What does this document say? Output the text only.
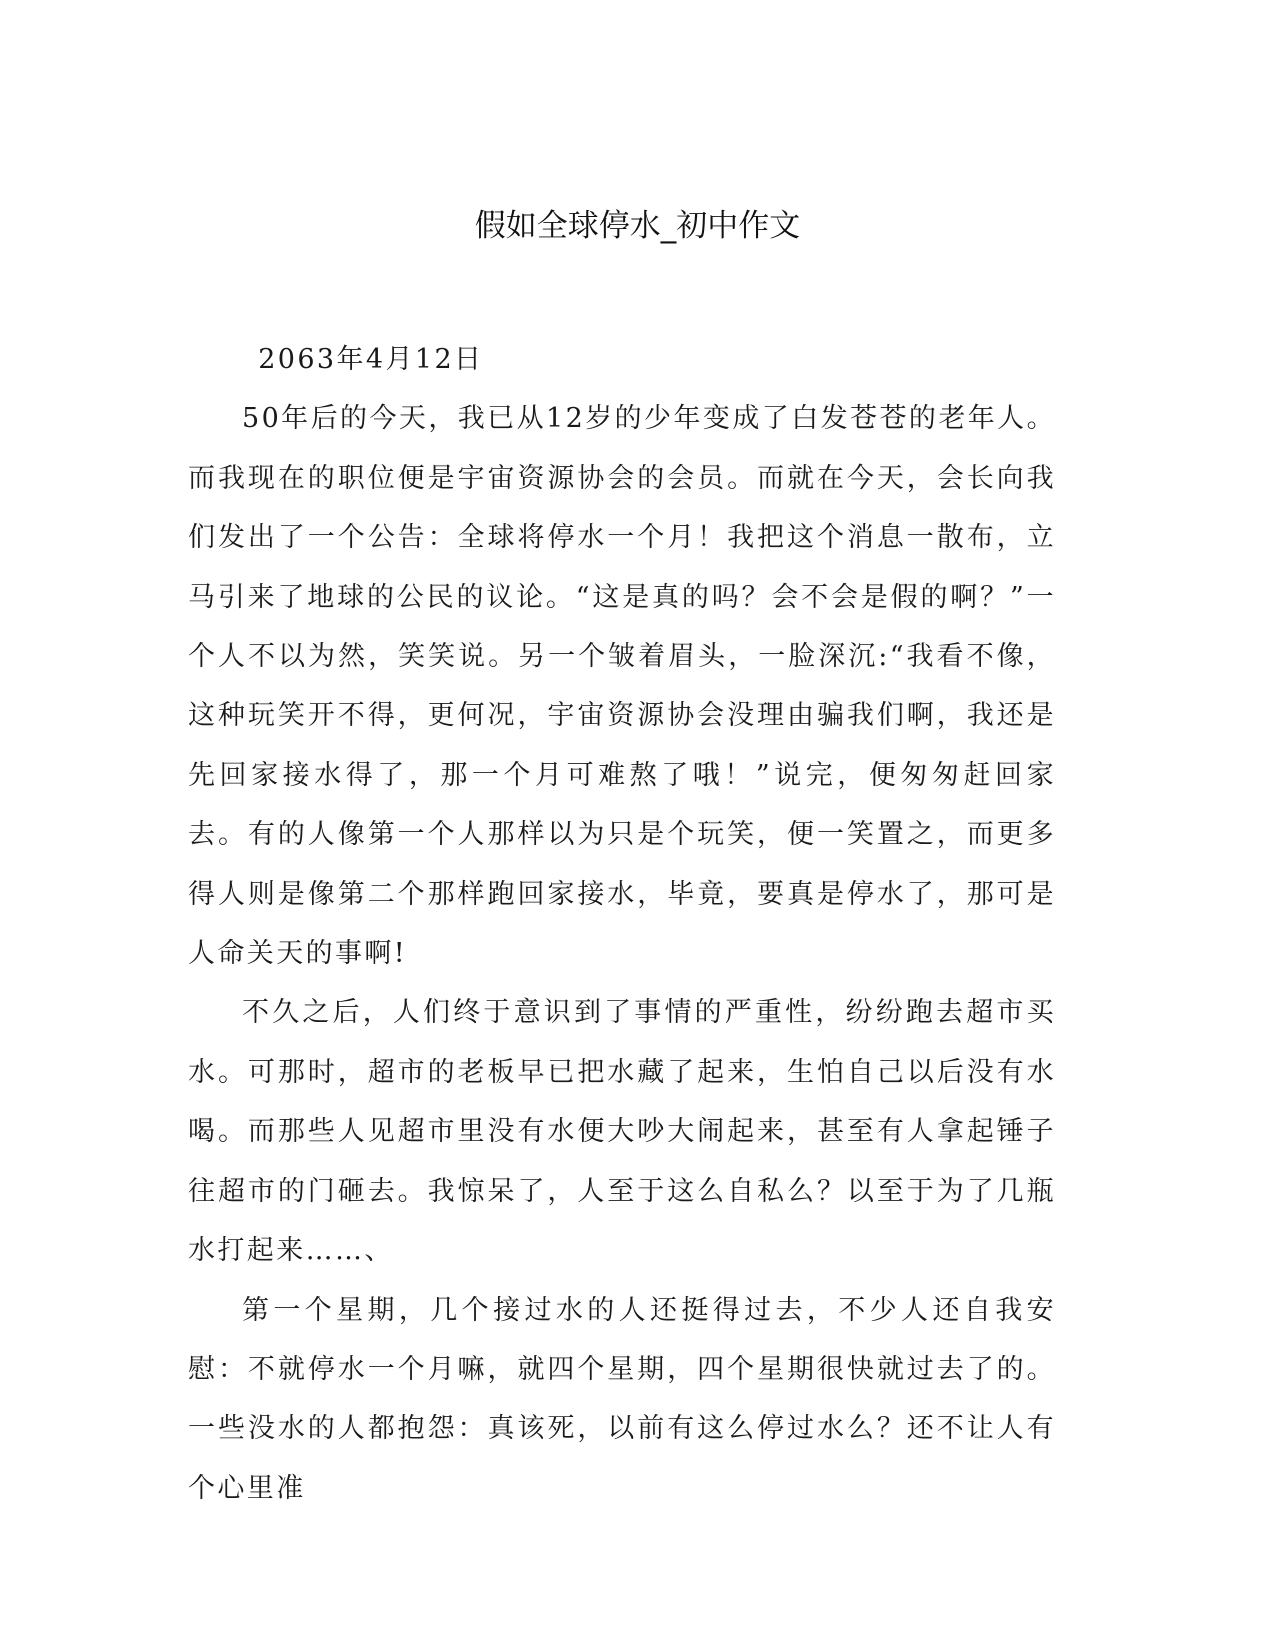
假如全球停水_初中作文

2063年4月12日

50年后的今天，我已从12岁的少年变成了白发苍苍的老年人。而我现在的职位便是宇宙资源协会的会员。而就在今天，会长向我们发出了一个公告：全球将停水一个月！我把这个消息一散布，立马引来了地球的公民的议论。“这是真的吗？会不会是假的啊？”一个人不以为然，笑笑说。另一个皱着眉头，一脸深沉:“我看不像，这种玩笑开不得，更何况，宇宙资源协会没理由骗我们啊，我还是先回家接水得了，那一个月可难熬了哦！”说完，便匆匆赶回家去。有的人像第一个人那样以为只是个玩笑，便一笑置之，而更多得人则是像第二个那样跑回家接水，毕竟，要真是停水了，那可是人命关天的事啊!

不久之后，人们终于意识到了事情的严重性，纷纷跑去超市买水。可那时，超市的老板早已把水藏了起来，生怕自己以后没有水喝。而那些人见超市里没有水便大吵大闹起来，甚至有人拿起锤子往超市的门砸去。我惊呆了，人至于这么自私么？以至于为了几瓶水打起来……、

第一个星期，几个接过水的人还挺得过去，不少人还自我安慰：不就停水一个月嘛，就四个星期，四个星期很快就过去了的。一些没水的人都抱怨：真该死，以前有这么停过水么？还不让人有个心里准
